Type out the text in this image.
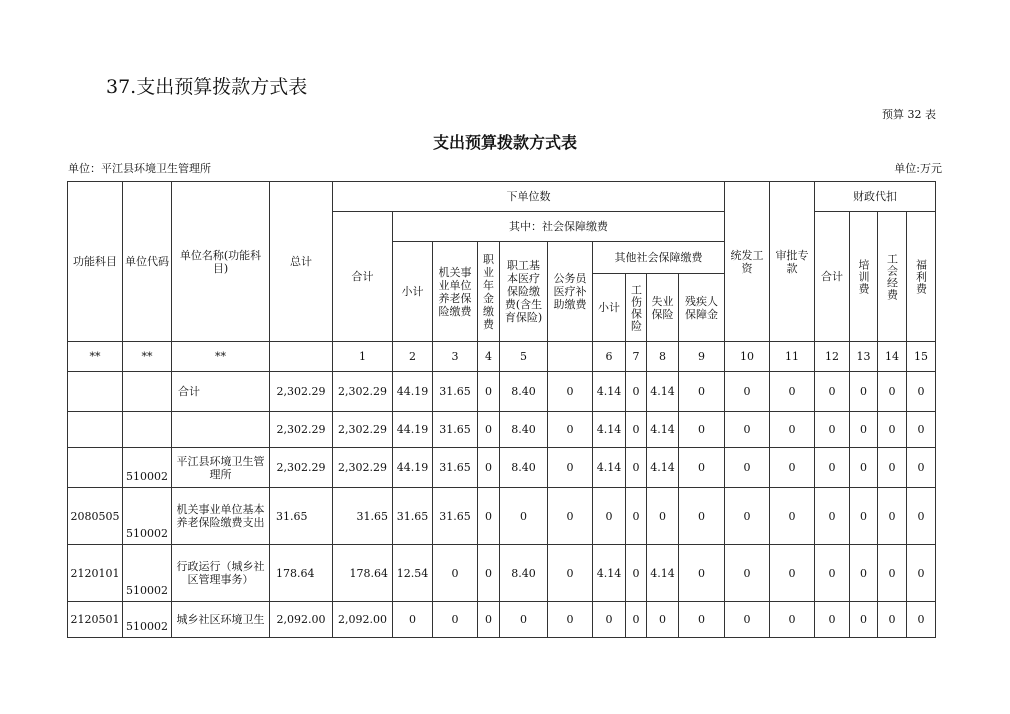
37.支出预算拨款方式表
预算 32 表
支出预算拨款方式表
单位：平江县环境卫生管理所	单位:万元
功能科目	单位代码	单位名称(功能科目)	总计	下单位数										统发工资	审批专款	财政代扣			
				合计	其中：社会保障缴费											合计	培训费	工会经费	福利费
					小计	机关事业单位养老保险缴费	职业年金缴费	职工基本医疗保险缴费(含生育保险)	公务员医疗补助缴费	其他社会保障缴费									
										小计	工伤保险	失业保险	残疾人保障金						
**	**	**		1	2	3	4	5		6	7	8	9	10	11	12	13	14	15
		合计	2,302.29	2,302.29	44.19	31.65	0	8.40	0	4.14	0	4.14	0	0	0	0	0	0	0
			2,302.29	2,302.29	44.19	31.65	0	8.40	0	4.14	0	4.14	0	0	0	0	0	0	0
	510002	平江县环境卫生管理所	2,302.29	2,302.29	44.19	31.65	0	8.40	0	4.14	0	4.14	0	0	0	0	0	0	0
2080505	510002	机关事业单位基本养老保险缴费支出	31.65	31.65	31.65	31.65	0	0	0	0	0	0	0	0	0	0	0	0	0
2120101	510002	行政运行（城乡社区管理事务）	178.64	178.64	12.54	0	0	8.40	0	4.14	0	4.14	0	0	0	0	0	0	0
2120501	510002	城乡社区环境卫生	2,092.00	2,092.00	0	0	0	0	0	0	0	0	0	0	0	0	0	0	0
